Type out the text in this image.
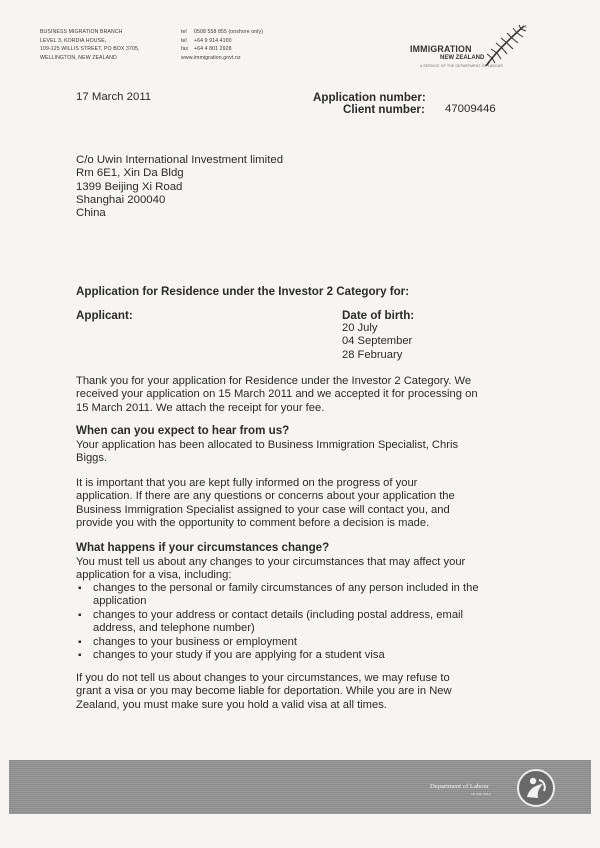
BUSINESS MIGRATION BRANCH
LEVEL 3, KORDIA HOUSE,
109-125 WILLIS STREET, PO BOX 3705,
WELLINGTON, NEW ZEALAND
tel 0508 558 855 (onshore only)
tel +64 9 914 4100
fax +64 4 801 2928
www.immigration.govt.nz
IMMIGRATION
NEW ZEALAND
A SERVICE OF THE DEPARTMENT OF LABOUR
®
17 March 2011	Application number:
Client number: 47009446
C/o Uwin International Investment limited
Rm 6E1, Xin Da Bldg
1399 Beijing Xi Road
Shanghai 200040
China
Application for Residence under the Investor 2 Category for:
Applicant:	Date of birth:
20 July
04 September
28 February
Thank you for your application for Residence under the Investor 2 Category. We
received your application on 15 March 2011 and we accepted it for processing on
15 March 2011. We attach the receipt for your fee.
When can you expect to hear from us?
Your application has been allocated to Business Immigration Specialist, Chris
Biggs.
It is important that you are kept fully informed on the progress of your
application. If there are any questions or concerns about your application the
Business Immigration Specialist assigned to your case will contact you, and
provide you with the opportunity to comment before a decision is made.
What happens if your circumstances change?
You must tell us about any changes to your circumstances that may affect your
application for a visa, including:
▪ changes to the personal or family circumstances of any person included in the
application
▪ changes to your address or contact details (including postal address, email
address, and telephone number)
▪ changes to your business or employment
▪ changes to your study if you are applying for a student visa
If you do not tell us about changes to your circumstances, we may refuse to
grant a visa or you may become liable for deportation. While you are in New
Zealand, you must make sure you hold a valid visa at all times.
Department of Labour
TE TARI MAHI
